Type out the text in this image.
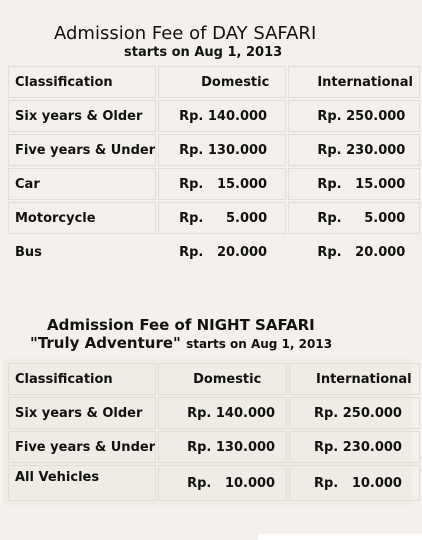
Admission Fee of DAY SAFARI
starts on Aug 1, 2013
Classification	Domestic	International
Six years & Older	Rp. 140.000	Rp. 250.000
Five years & Under	Rp. 130.000	Rp. 230.000
Car	Rp.   15.000	Rp.   15.000
Motorcycle	Rp.     5.000	Rp.     5.000
Bus	Rp.   20.000	Rp.   20.000
Admission Fee of NIGHT SAFARI
"Truly Adventure" starts on Aug 1, 2013
Classification	Domestic	International
Six years & Older	Rp. 140.000	Rp. 250.000
Five years & Under	Rp. 130.000	Rp. 230.000
All Vehicles	Rp.   10.000	Rp.   10.000
